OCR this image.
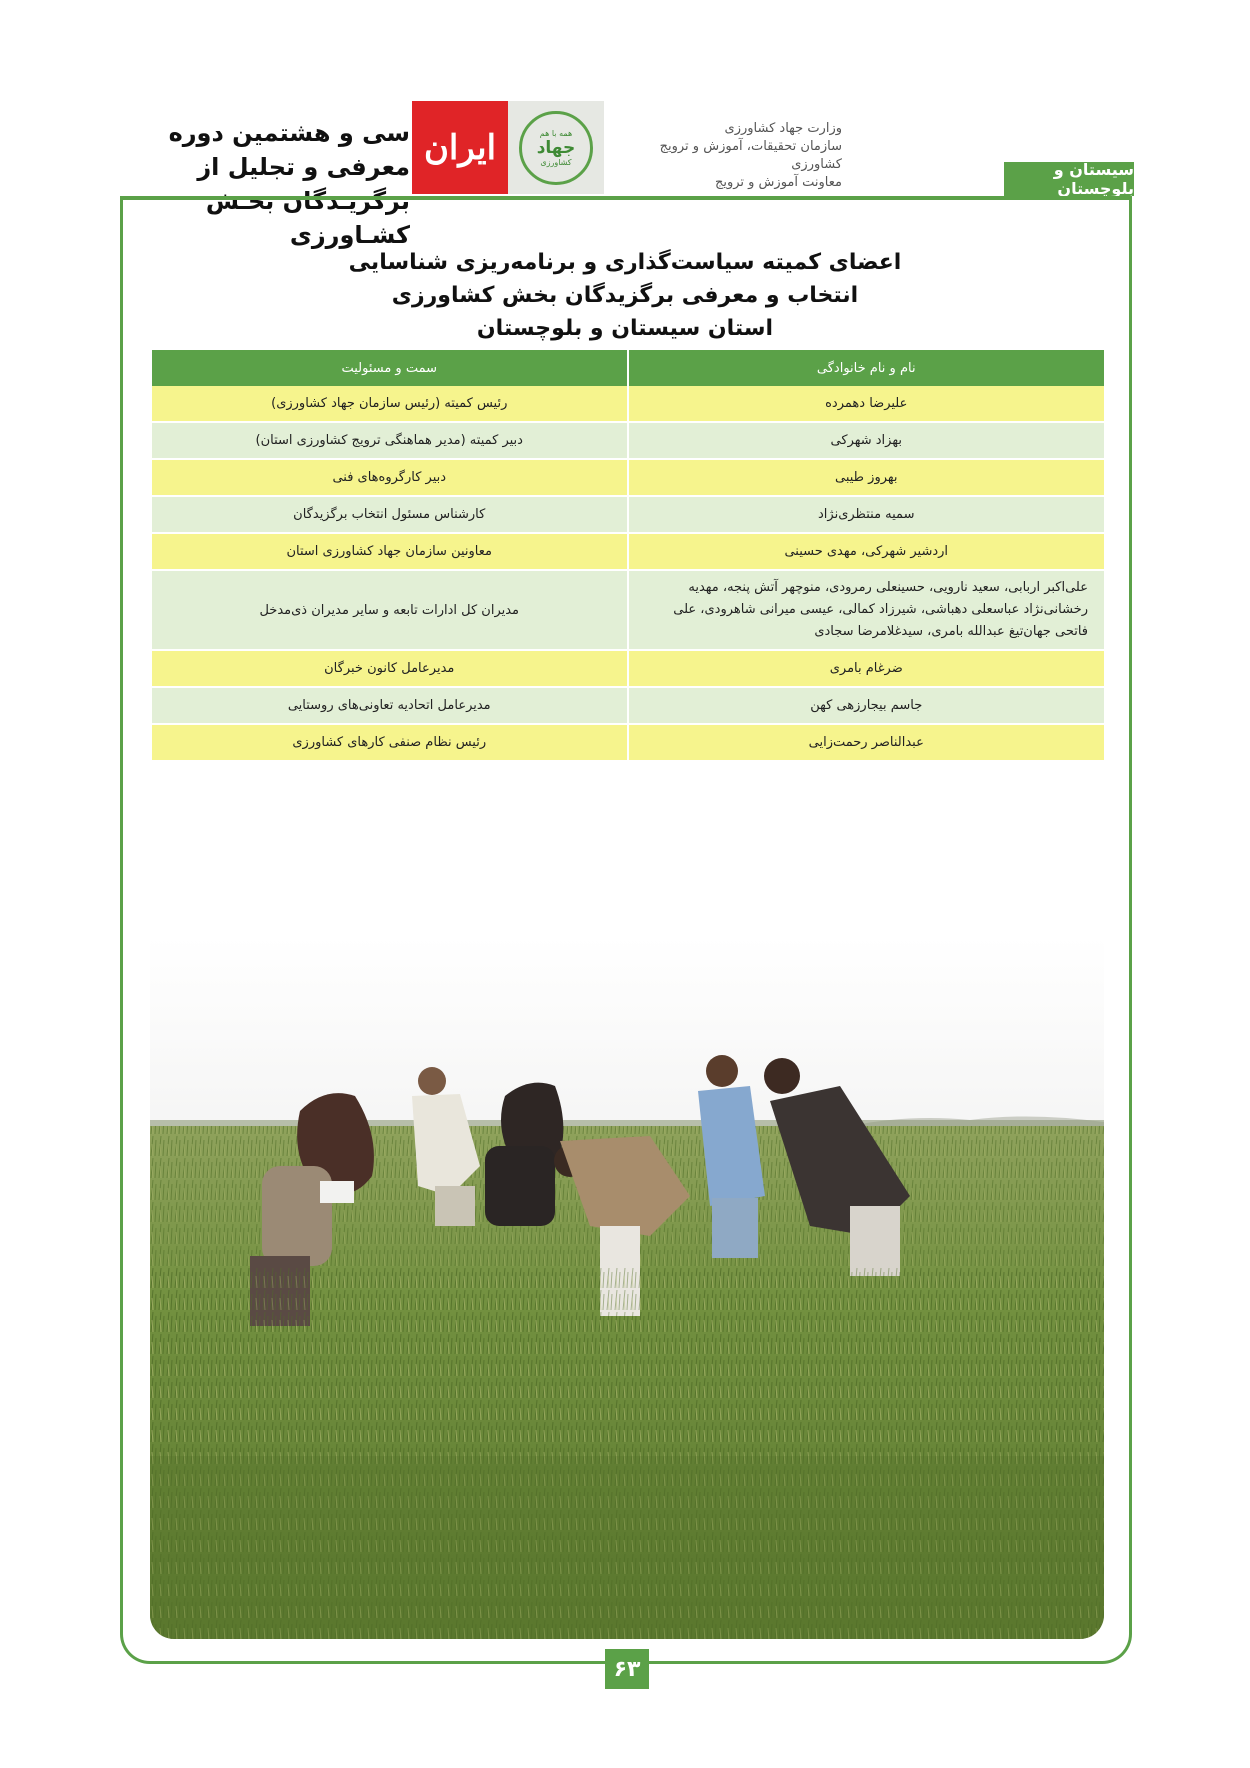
سی و هشتمین دوره معرفی و تجلیل از
برگزیـدگان بخـش کشـاورزی
ایران	همه با هم
جهاد
کشاورزی
وزارت جهاد کشاورزی
سازمان تحقیقات، آموزش و ترویج کشاورزی
معاونت آموزش و ترویج
سیستان و بلوچستان
اعضای کمیته سیاست‌گذاری و برنامه‌ریزی شناسایی
انتخاب و معرفی برگزیدگان بخش کشاورزی
استان سیستان و بلوچستان
نام و نام خانوادگی	سمت و مسئولیت
علیرضا دهمرده	رئیس کمیته (رئیس سازمان جهاد کشاورزی)
بهزاد شهرکی	دبیر کمیته (مدیر هماهنگی ترویج کشاورزی استان)
بهروز طیبی	دبیر کارگروه‌های فنی
سمیه منتظری‌نژاد	کارشناس مسئول انتخاب برگزیدگان
اردشیر شهرکی، مهدی حسینی	معاونین سازمان جهاد کشاورزی استان
علی‌اکبر اربابی، سعید نارویی، حسینعلی رمرودی، منوچهر آتش پنجه، مهدیه رخشانی‌نژاد عباسعلی دهباشی، شیرزاد کمالی، عیسی میرانی شاهرودی، علی فاتحی جهان‌تیغ عبدالله بامری، سیدغلامرضا سجادی	مدیران کل ادارات تابعه و سایر مدیران ذی‌مدخل
ضرغام بامری	مدیرعامل کانون خبرگان
جاسم بیجارزهی کهن	مدیرعامل اتحادیه تعاونی‌های روستایی
عبدالناصر رحمت‌زایی	رئیس نظام صنفی کارهای کشاورزی
۶۳
